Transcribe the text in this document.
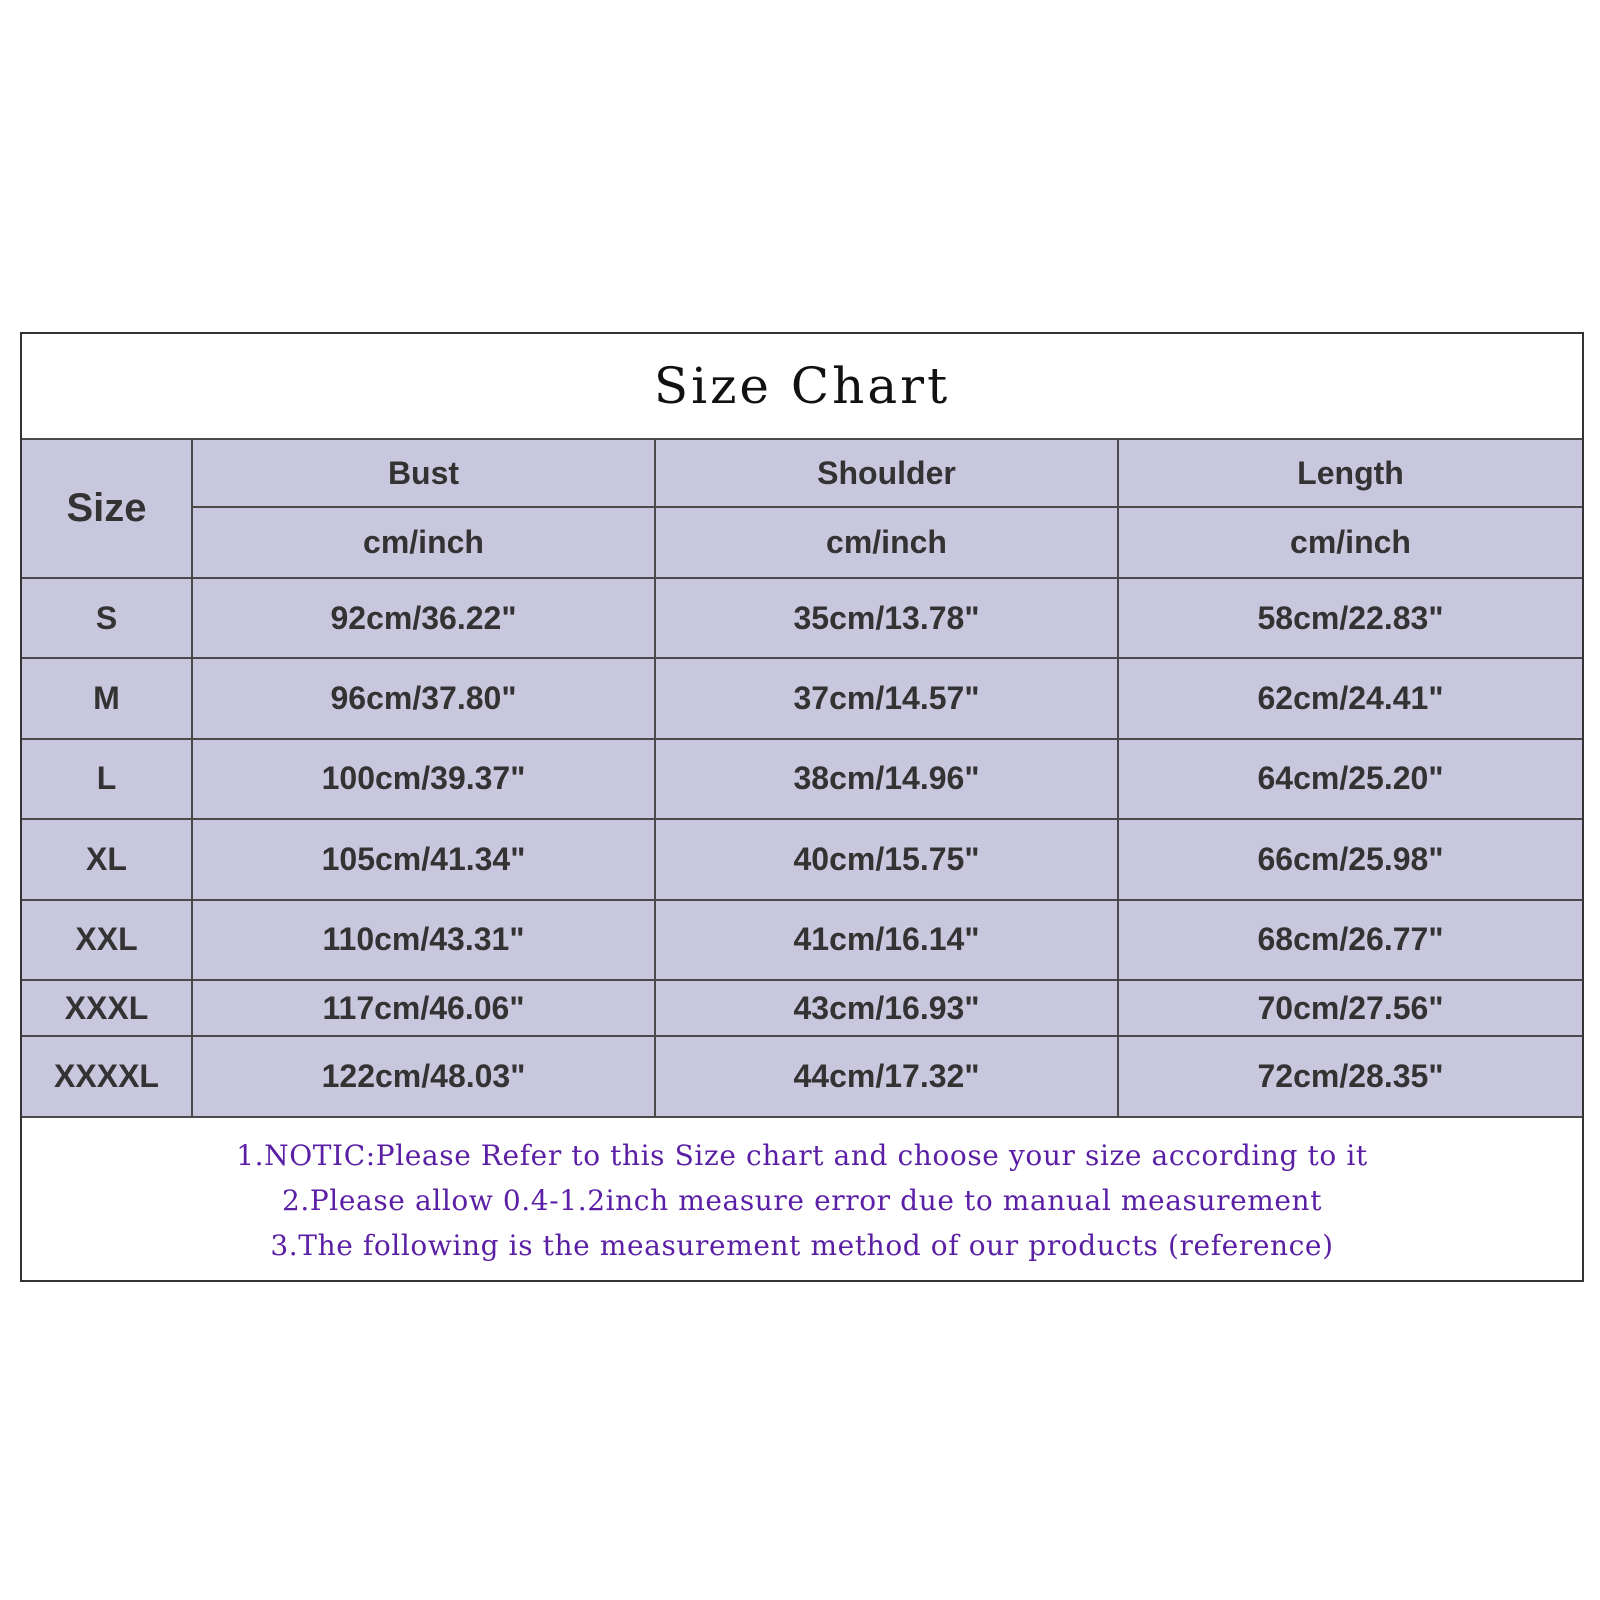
Size Chart
Size	Bust	Shoulder	Length
	cm/inch	cm/inch	cm/inch
S	92cm/36.22"	35cm/13.78"	58cm/22.83"
M	96cm/37.80"	37cm/14.57"	62cm/24.41"
L	100cm/39.37"	38cm/14.96"	64cm/25.20"
XL	105cm/41.34"	40cm/15.75"	66cm/25.98"
XXL	110cm/43.31"	41cm/16.14"	68cm/26.77"
XXXL	117cm/46.06"	43cm/16.93"	70cm/27.56"
XXXXL	122cm/48.03"	44cm/17.32"	72cm/28.35"
1.NOTIC:Please Refer to this Size chart and choose your size according to it
2.Please allow 0.4-1.2inch measure error due to manual measurement
3.The following is the measurement method of our products (reference)
